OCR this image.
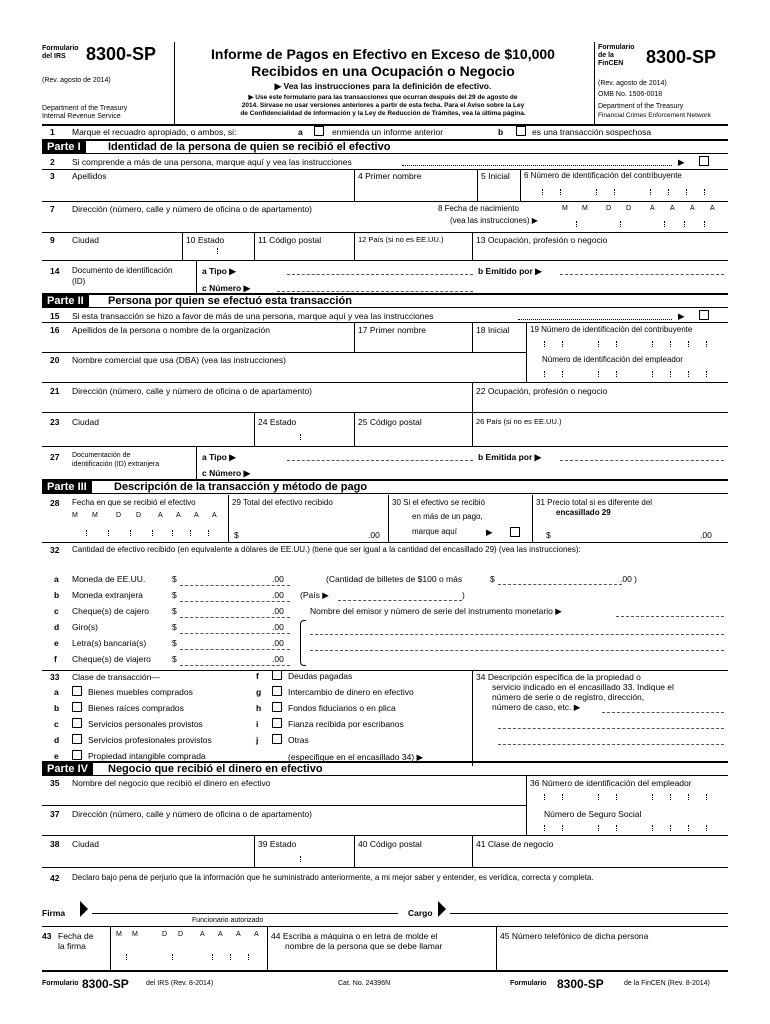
Formulario del IRS	8300-SP
(Rev. agosto de 2014)
Department of the Treasury
Internal Revenue Service
Informe de Pagos en Efectivo en Exceso de $10,000
Recibidos en una Ocupación o Negocio
▶ Vea las instrucciones para la definición de efectivo.
▶ Use este formulario para las transacciones que ocurran después del 29 de agosto de
2014. Sírvase no usar versiones anteriores a partir de esta fecha. Para el Aviso sobre la Ley
de Confidencialidad de Información y la Ley de Reducción de Trámites, vea la última página.
Formulario de la FinCEN	8300-SP
(Rev. agosto de 2014)
OMB No. 1506-0018
Department of the Treasury
Financial Crimes Enforcement Network
1 Marque el recuadro apropiado, o ambos, si:	a	enmienda un informe anterior	b	es una transacción sospechosa
Parte I	Identidad de la persona de quien se recibió el efectivo
2 Si comprende a más de una persona, marque aquí y vea las instrucciones	▶
3 Apellidos	4 Primer nombre	5 Inicial 6 Número de identificación del contribuyente
7 Dirección (número, calle y número de oficina o de apartamento)	8 Fecha de nacimiento
(vea las instrucciones) ▶
M M	D D	A A A A
9 Ciudad	10 Estado	11 Código postal	12 País (si no es EE.UU.)	13 Ocupación, profesión o negocio
14 Documento de identificación
(ID)
a Tipo ▶
c Número ▶
b Emitido por ▶
Parte II	Persona por quien se efectuó esta transacción
15 Si esta transacción se hizo a favor de más de una persona, marque aquí y vea las instrucciones	▶
16 Apellidos de la persona o nombre de la organización	17 Primer nombre	18 Inicial	19 Número de identificación del contribuyente
20 Nombre comercial que usa (DBA) (vea las instrucciones)	Número de identificación del empleador
21 Dirección (número, calle y número de oficina o de apartamento)	22 Ocupación, profesión o negocio
23 Ciudad	24 Estado	25 Código postal	26 País (si no es EE.UU.)
27 Documentación de
identificación (ID) extranjera
a Tipo ▶
c Número ▶
b Emitida por ▶
Parte III	Descripción de la transacción y método de pago
28 Fecha en que se recibió el efectivo
M M	D D A A A A
29 Total del efectivo recibido
$	.00
30 Si el efectivo se recibió
en más de un pago,
marque aquí	▶
31 Precio total si es diferente del
encasillado 29
$	.00
32 Cantidad de efectivo recibido (en equivalente a dólares de EE.UU.) (tiene que ser igual a la cantidad del encasillado 29) (vea las instrucciones):
a Moneda de EE.UU.	$	.00
b Moneda extranjera	$	.00
c Cheque(s) de cajero	$	.00
d Giro(s)	$	.00
e Letra(s) bancaria(s)	$	.00
f Cheque(s) de viajero $	.00
(Cantidad de billetes de $100 o más	$	.00 )
(País ▶	)
Nombre del emisor y número de serie del instrumento monetario ▶
33 Clase de transacción—
a	Bienes muebles comprados
b	Bienes raíces comprados
c	Servicios personales provistos
d	Servicios profesionales provistos
e	Propiedad intangible comprada
f	Deudas pagadas
g	Intercambio de dinero en efectivo
h	Fondos fiduciarios o en plica
i	Fianza recibida por escribanos
j	Otras
(especifique en el encasillado 34) ▶
34 Descripción específica de la propiedad o
servicio indicado en el encasillado 33. Indique el
número de serie o de registro, dirección,
número de caso, etc. ▶
Parte IV	Negocio que recibió el dinero en efectivo
35 Nombre del negocio que recibió el dinero en efectivo	36 Número de identificación del empleador
37 Dirección (número, calle y número de oficina o de apartamento)	Número de Seguro Social
38 Ciudad	39 Estado	40 Código postal	41 Clase de negocio
42 Declaro bajo pena de perjurio que la información que he suministrado anteriormente, a mi mejor saber y entender, es verídica, correcta y completa.
Firma
Funcionario autorizado
Cargo
43 Fecha de
la firma
M M	D D A A A A 44 Escriba a máquina o en letra de molde el
nombre de la persona que se debe llamar
45 Número telefónico de dicha persona
Formulario 8300-SP del IRS (Rev. 8-2014)	Cat. No. 24396N	Formulario 8300-SP	de la FinCEN (Rev. 8-2014)
